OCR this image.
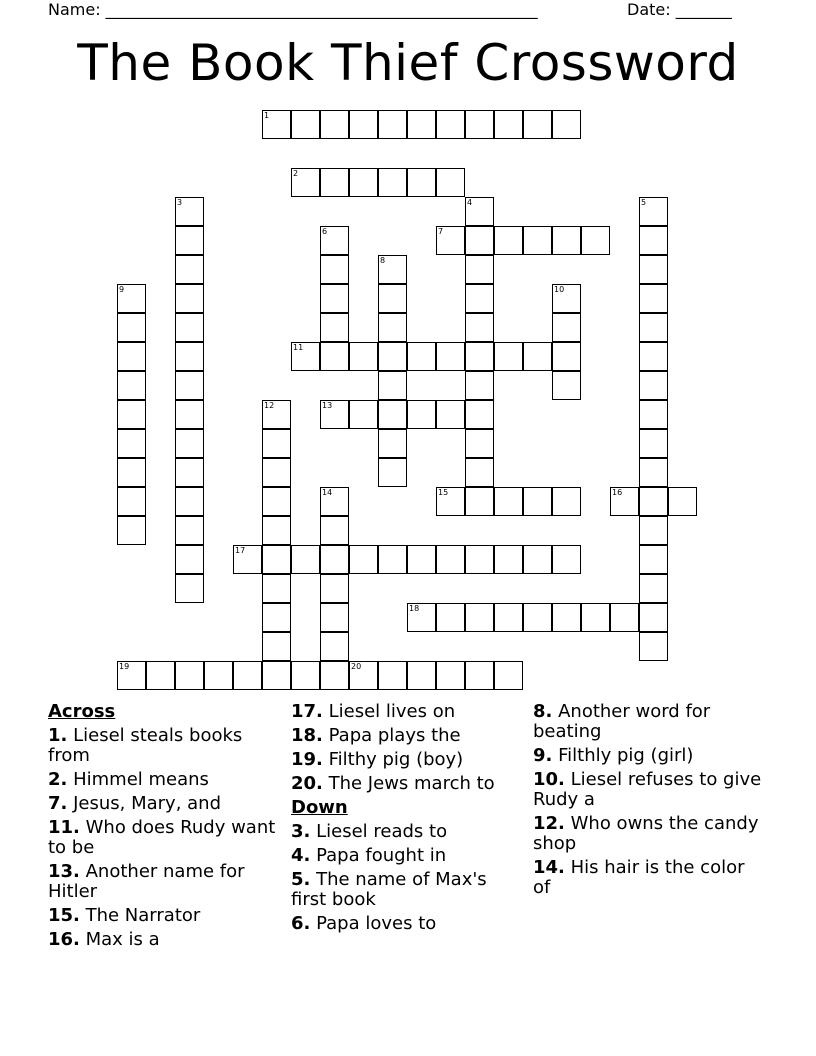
Name: ______________________________________________________	Date: _______
The Book Thief Crossword
1
2
3	4	5
6	7
8
9	10
11
12	13
14	15	16
17
18
19	20
Across
1. Liesel steals books from
2. Himmel means
7. Jesus, Mary, and
11. Who does Rudy want to be
13. Another name for Hitler
15. The Narrator
16. Max is a
17. Liesel lives on
18. Papa plays the
19. Filthy pig (boy)
20. The Jews march to
Down
3. Liesel reads to
4. Papa fought in
5. The name of Max's first book
6. Papa loves to
8. Another word for beating
9. Filthly pig (girl)
10. Liesel refuses to give Rudy a
12. Who owns the candy shop
14. His hair is the color of
